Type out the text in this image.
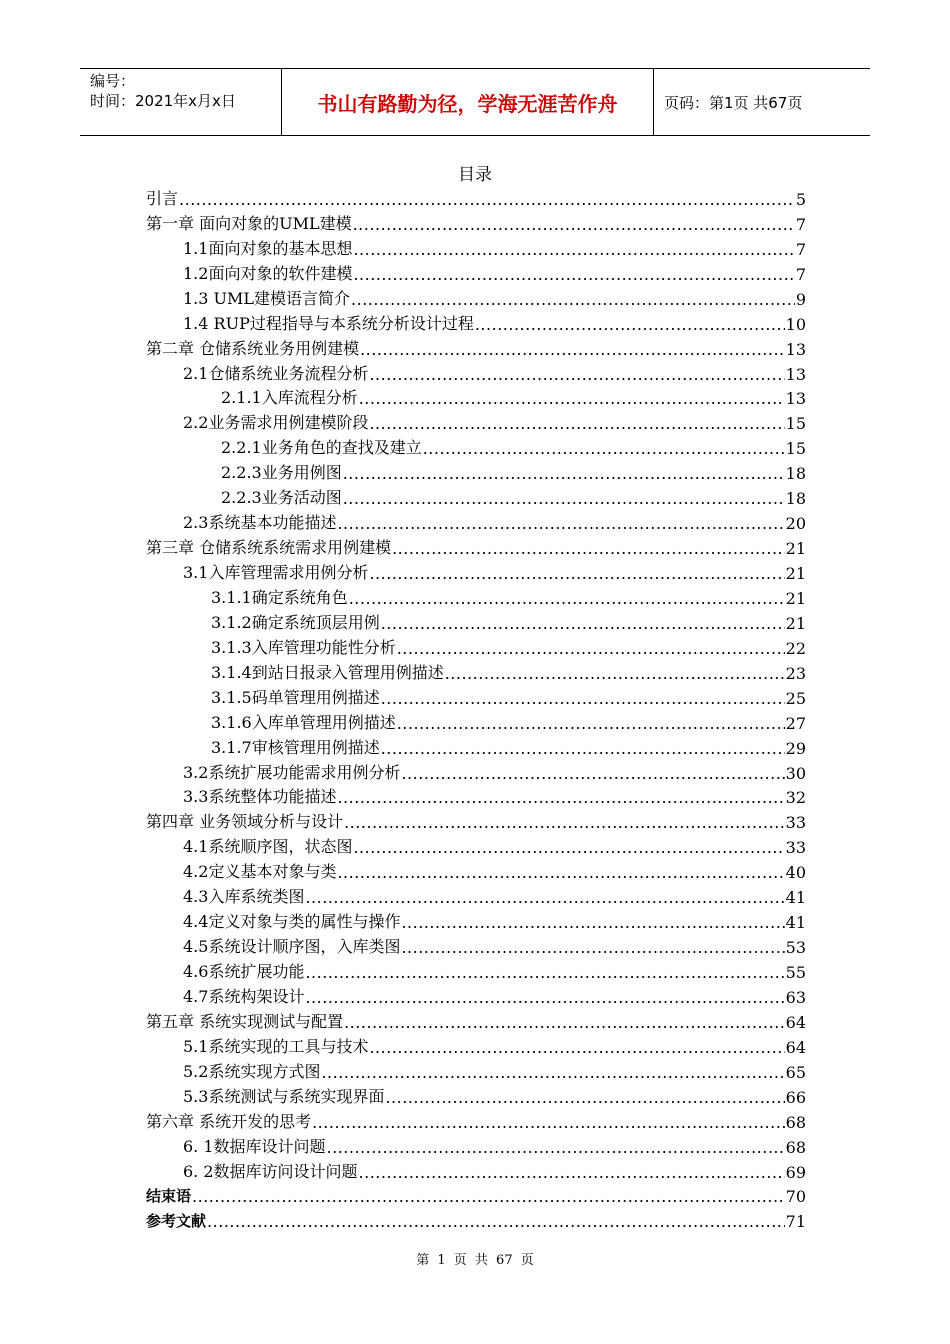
编号：
时间：2021年x月x日	书山有路勤为径，学海无涯苦作舟	页码：第1页 共67页
目录
引言 .....	5
第一章 面向对象的UML建模 .....	7
1.1面向对象的基本思想 .....	7
1.2面向对象的软件建模 .....	7
1.3 UML建模语言简介 .....	9
1.4 RUP过程指导与本系统分析设计过程 .....	10
第二章 仓储系统业务用例建模 .....	13
2.1仓储系统业务流程分析 .....	13
2.1.1入库流程分析 .....	13
2.2业务需求用例建模阶段 .....	15
2.2.1业务角色的查找及建立 .....	15
2.2.3业务用例图 .....	18
2.2.3业务活动图 .....	18
2.3系统基本功能描述 .....	20
第三章 仓储系统系统需求用例建模 .....	21
3.1入库管理需求用例分析 .....	21
3.1.1确定系统角色 .....	21
3.1.2确定系统顶层用例 .....	21
3.1.3入库管理功能性分析 .....	22
3.1.4到站日报录入管理用例描述 .....	23
3.1.5码单管理用例描述 .....	25
3.1.6入库单管理用例描述 .....	27
3.1.7审核管理用例描述 .....	29
3.2系统扩展功能需求用例分析 .....	30
3.3系统整体功能描述 .....	32
第四章 业务领域分析与设计 .....	33
4.1系统顺序图，状态图 .....	33
4.2定义基本对象与类 .....	40
4.3入库系统类图 .....	41
4.4定义对象与类的属性与操作 .....	41
4.5系统设计顺序图，入库类图 .....	53
4.6系统扩展功能 .....	55
4.7系统构架设计 .....	63
第五章 系统实现测试与配置 .....	64
5.1系统实现的工具与技术 .....	64
5.2系统实现方式图 .....	65
5.3系统测试与系统实现界面 .....	66
第六章 系统开发的思考 .....	68
6. 1数据库设计问题 .....	68
6. 2数据库访问设计问题 .....	69
结束语 .....	70
参考文献 .....	71
第 1 页 共 67 页
